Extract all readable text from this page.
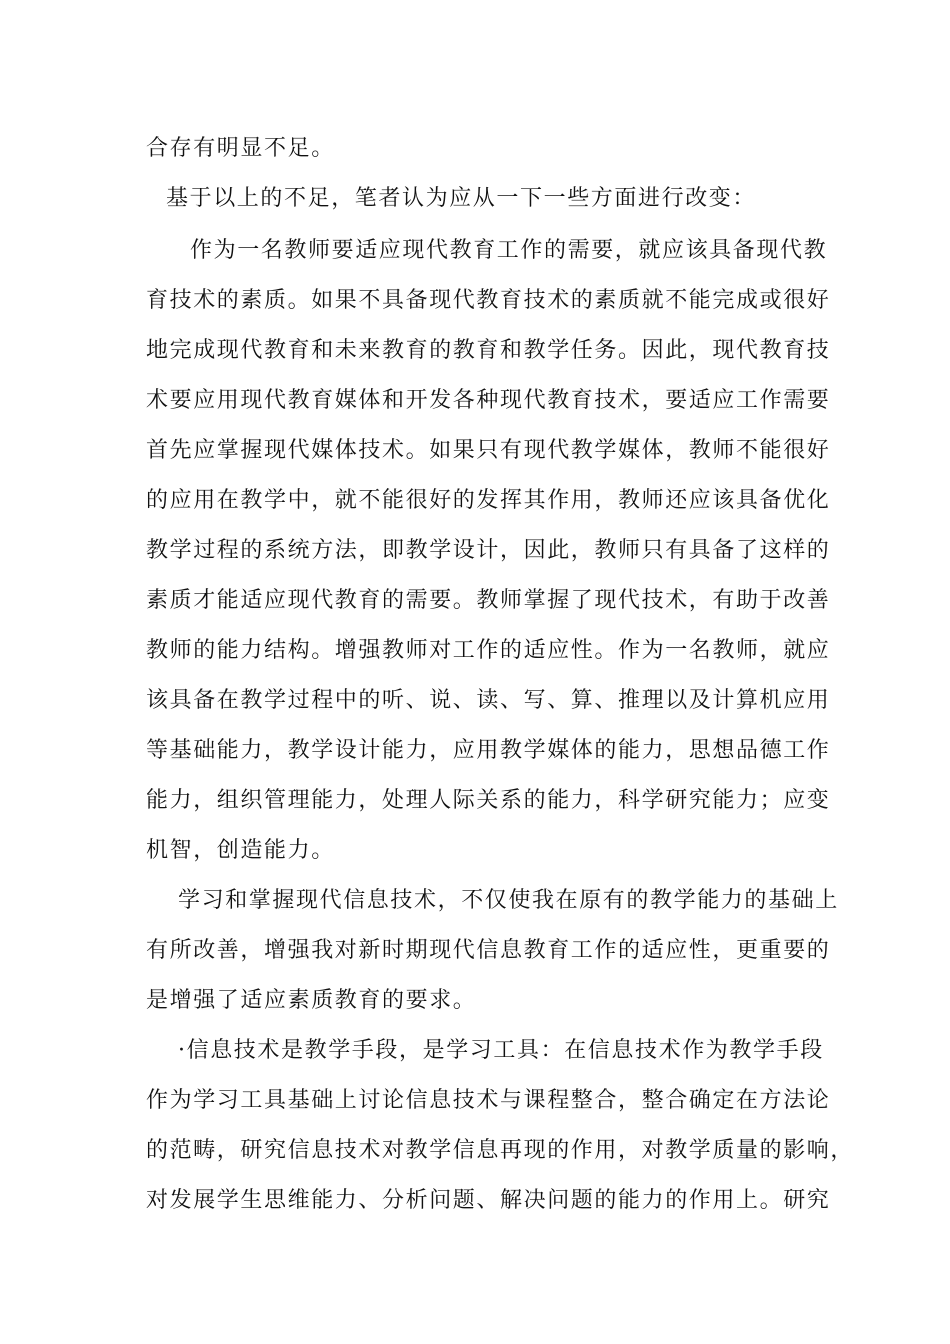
合存有明显不足。
基于以上的不足，笔者认为应从一下一些方面进行改变：
作为一名教师要适应现代教育工作的需要，就应该具备现代教
育技术的素质。如果不具备现代教育技术的素质就不能完成或很好
地完成现代教育和未来教育的教育和教学任务。因此，现代教育技
术要应用现代教育媒体和开发各种现代教育技术，要适应工作需要
首先应掌握现代媒体技术。如果只有现代教学媒体，教师不能很好
的应用在教学中，就不能很好的发挥其作用，教师还应该具备优化
教学过程的系统方法，即教学设计，因此，教师只有具备了这样的
素质才能适应现代教育的需要。教师掌握了现代技术，有助于改善
教师的能力结构。增强教师对工作的适应性。作为一名教师，就应
该具备在教学过程中的听、说、读、写、算、推理以及计算机应用
等基础能力，教学设计能力，应用教学媒体的能力，思想品德工作
能力，组织管理能力，处理人际关系的能力，科学研究能力；应变
机智，创造能力。
学习和掌握现代信息技术，不仅使我在原有的教学能力的基础上
有所改善，增强我对新时期现代信息教育工作的适应性，更重要的
是增强了适应素质教育的要求。
·信息技术是教学手段，是学习工具：在信息技术作为教学手段
作为学习工具基础上讨论信息技术与课程整合，整合确定在方法论
的范畴，研究信息技术对教学信息再现的作用，对教学质量的影响，
对发展学生思维能力、分析问题、解决问题的能力的作用上。研究
